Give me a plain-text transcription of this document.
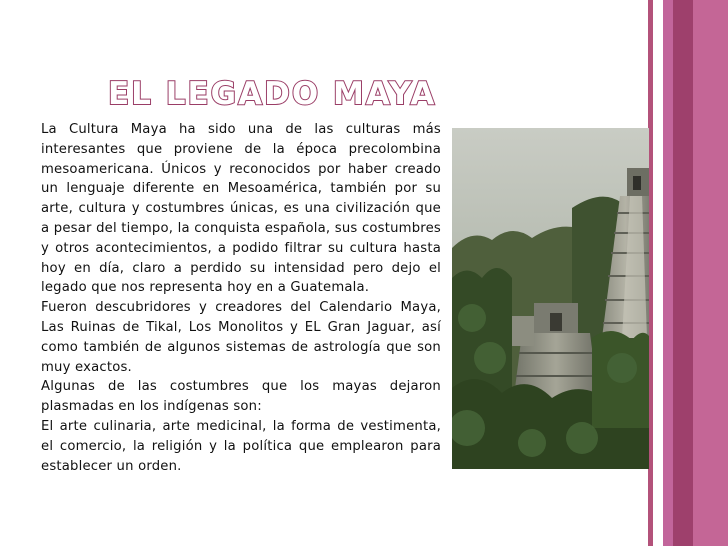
EL LEGADO MAYA

La Cultura Maya ha sido una de las culturas más interesantes que proviene de la época precolombina mesoamericana. Únicos y reconocidos por haber creado un lenguaje diferente en Mesoamérica, también por su arte, cultura y costumbres únicas, es una civilización que a pesar del tiempo, la conquista española, sus costumbres y otros acontecimientos, a podido filtrar su cultura hasta hoy en día, claro a perdido su intensidad pero dejo el legado que nos representa hoy en a Guatemala.

Fueron descubridores y creadores del Calendario Maya, Las Ruinas de Tikal, Los Monolitos y EL Gran Jaguar, así como también de algunos sistemas de astrología que son muy exactos.

Algunas de las costumbres que los mayas dejaron plasmadas en los indígenas son:

El arte culinaria, arte medicinal, la forma de vestimenta, el comercio, la religión y la política que emplearon para establecer un orden.
